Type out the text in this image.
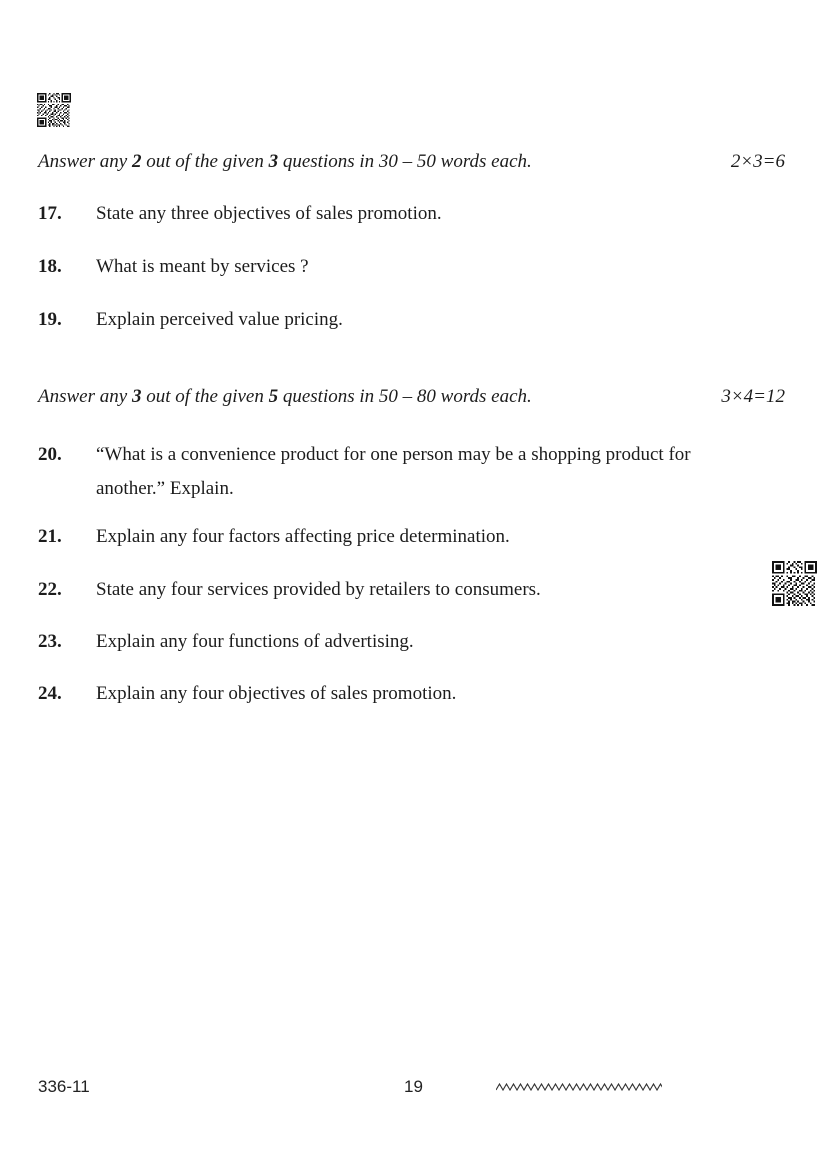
Answer any 2 out of the given 3 questions in 30 – 50 words each.	2×3=6
17.	State any three objectives of sales promotion.
18.	What is meant by services ?
19.	Explain perceived value pricing.
Answer any 3 out of the given 5 questions in 50 – 80 words each.	3×4=12
20.	“What is a convenience product for one person may be a shopping product for another.” Explain.
21.	Explain any four factors affecting price determination.
22.	State any four services provided by retailers to consumers.
23.	Explain any four functions of advertising.
24.	Explain any four objectives of sales promotion.
336-11	19
